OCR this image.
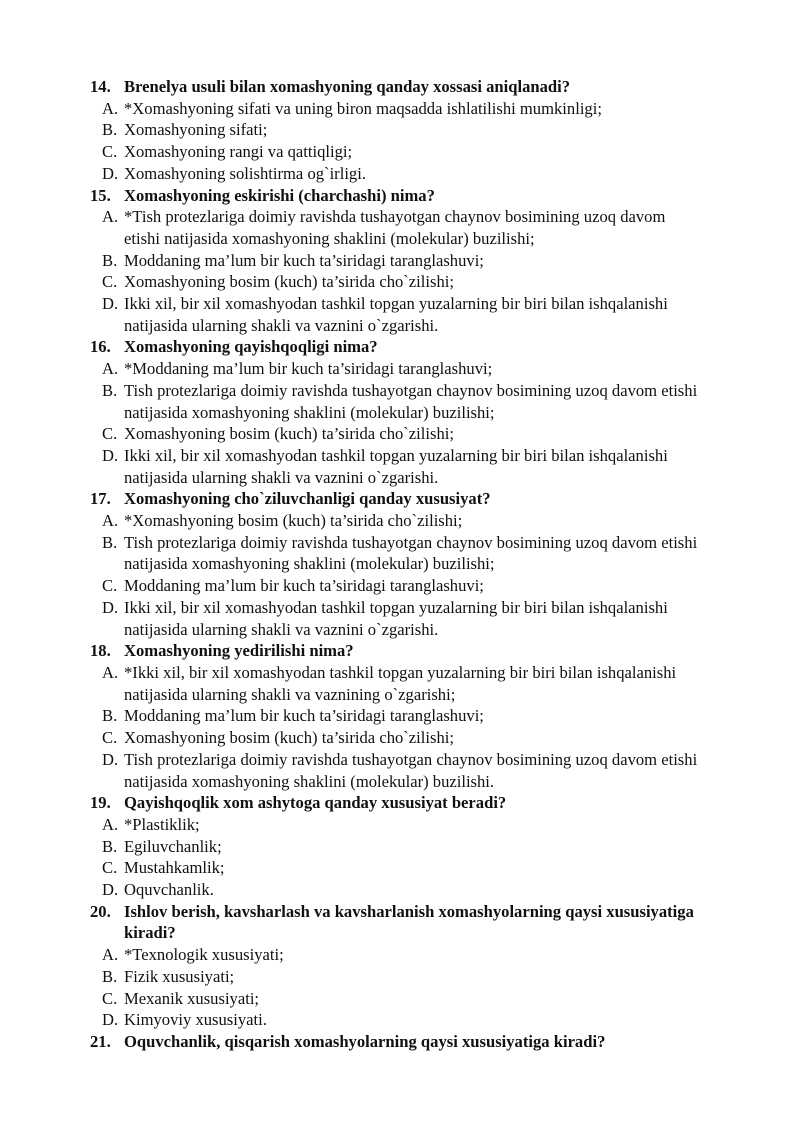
14. Brenelya usuli bilan xomashyoning qanday xossasi aniqlanadi?
A. *Xomashyoning sifati va uning biron maqsadda ishlatilishi mumkinligi;
B. Xomashyoning sifati;
C. Xomashyoning rangi va qattiqligi;
D. Xomashyoning solishtirma og`irligi.
15. Xomashyoning eskirishi (charchashi) nima?
A. *Tish protezlariga doimiy ravishda tushayotgan chaynov bosimining uzoq davom etishi natijasida xomashyoning shaklini (molekular) buzilishi;
B. Moddaning ma’lum bir kuch ta’siridagi taranglashuvi;
C. Xomashyoning bosim (kuch) ta’sirida cho`zilishi;
D. Ikki xil, bir xil xomashyodan tashkil topgan yuzalarning bir biri bilan ishqalanishi natijasida ularning shakli va vaznini o`zgarishi.
16. Xomashyoning qayishqoqligi nima?
A. *Moddaning ma’lum bir kuch ta’siridagi taranglashuvi;
B. Tish protezlariga doimiy ravishda tushayotgan chaynov bosimining uzoq davom etishi natijasida xomashyoning shaklini (molekular) buzilishi;
C. Xomashyoning bosim (kuch) ta’sirida cho`zilishi;
D. Ikki xil, bir xil xomashyodan tashkil topgan yuzalarning bir biri bilan ishqalanishi natijasida ularning shakli va vaznini o`zgarishi.
17. Xomashyoning cho`ziluvchanligi qanday xususiyat?
A. *Xomashyoning bosim (kuch) ta’sirida cho`zilishi;
B. Tish protezlariga doimiy ravishda tushayotgan chaynov bosimining uzoq davom etishi natijasida xomashyoning shaklini (molekular) buzilishi;
C. Moddaning ma’lum bir kuch ta’siridagi taranglashuvi;
D. Ikki xil, bir xil xomashyodan tashkil topgan yuzalarning bir biri bilan ishqalanishi natijasida ularning shakli va vaznini o`zgarishi.
18. Xomashyoning yedirilishi nima?
A. *Ikki xil, bir xil xomashyodan tashkil topgan yuzalarning bir biri bilan ishqalanishi natijasida ularning shakli va vaznining o`zgarishi;
B. Moddaning ma’lum bir kuch ta’siridagi taranglashuvi;
C. Xomashyoning bosim (kuch) ta’sirida cho`zilishi;
D. Tish protezlariga doimiy ravishda tushayotgan chaynov bosimining uzoq davom etishi natijasida xomashyoning shaklini (molekular) buzilishi.
19. Qayishqoqlik xom ashytoga qanday xususiyat beradi?
A. *Plastiklik;
B. Egiluvchanlik;
C. Mustahkamlik;
D. Oquvchanlik.
20. Ishlov berish, kavsharlash va kavsharlanish xomashyolarning qaysi xususiyatiga kiradi?
A. *Texnologik xususiyati;
B. Fizik xususiyati;
C. Mexanik xususiyati;
D. Kimyoviy xususiyati.
21. Oquvchanlik, qisqarish xomashyolarning qaysi xususiyatiga kiradi?
